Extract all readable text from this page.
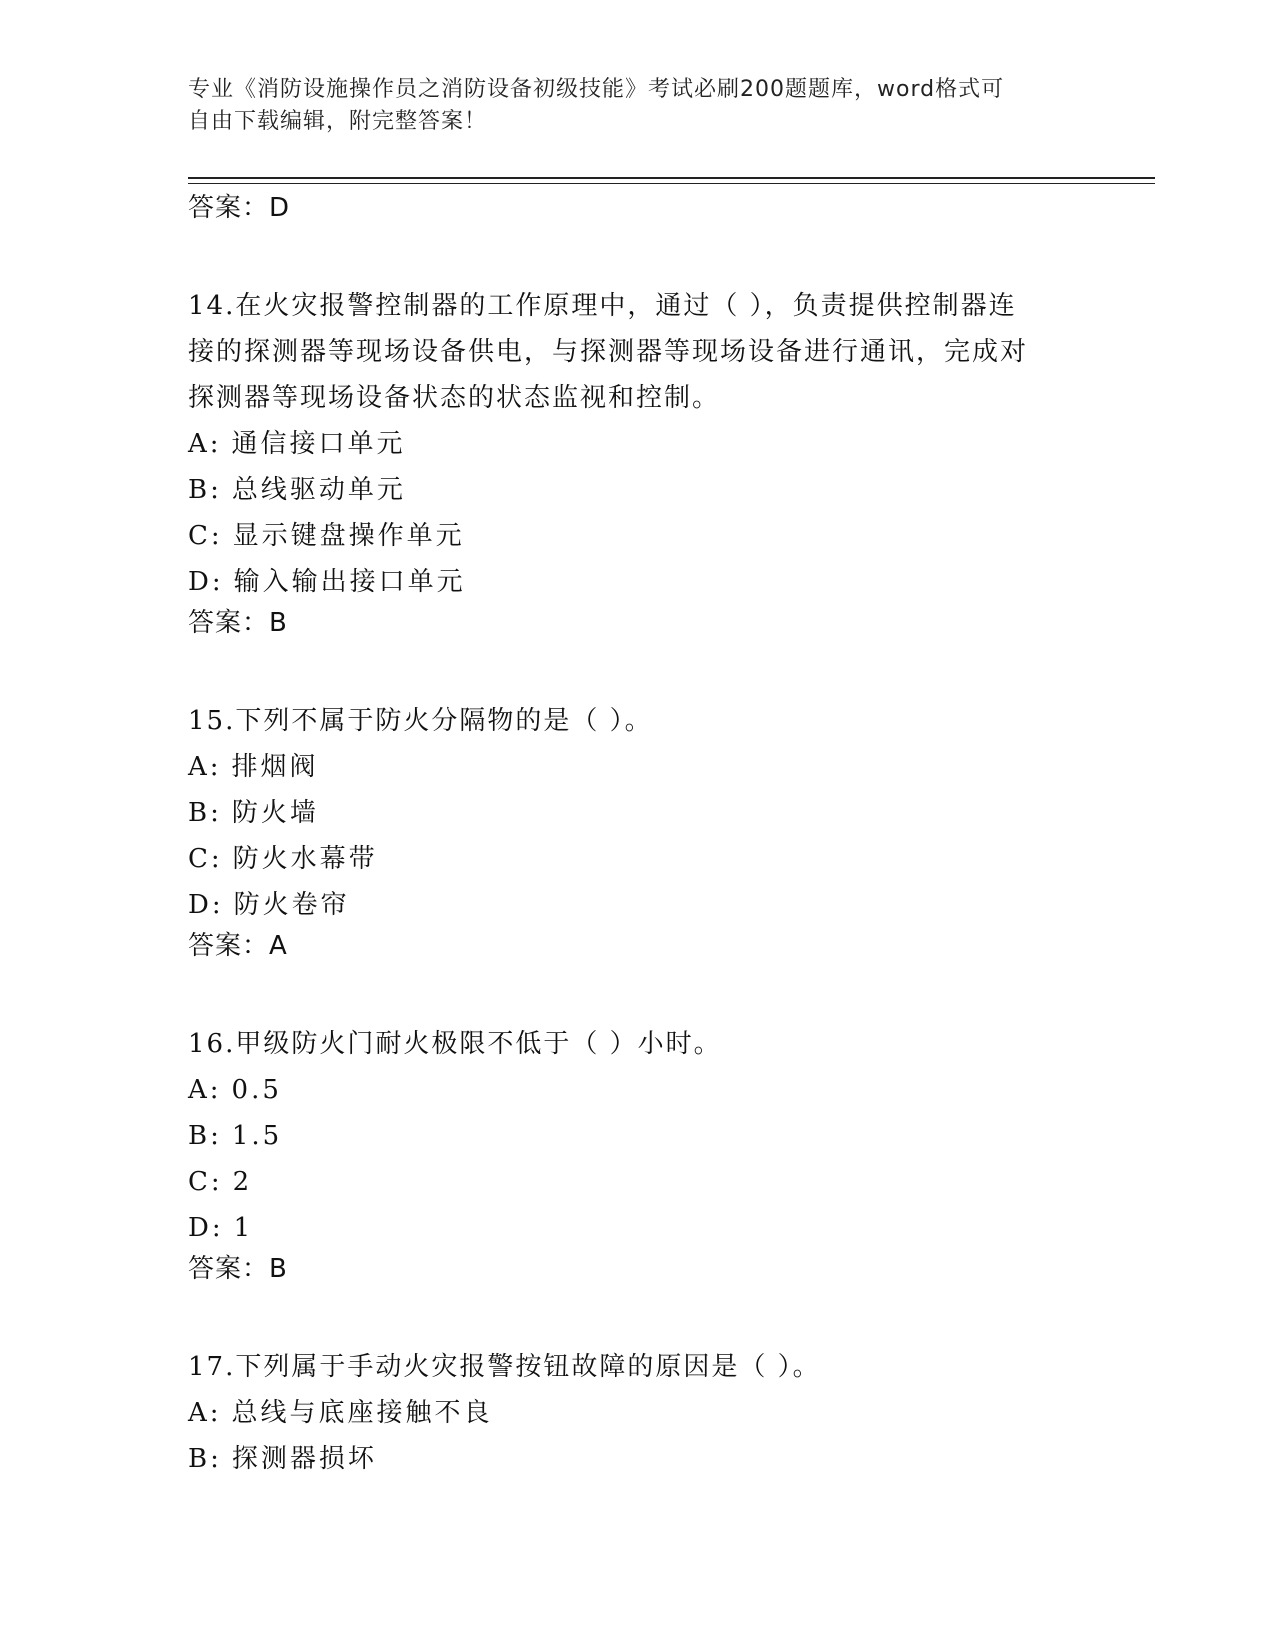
专业《消防设施操作员之消防设备初级技能》考试必刷200题题库，word格式可
自由下载编辑，附完整答案！

答案：D

14.在火灾报警控制器的工作原理中，通过（ ），负责提供控制器连

接的探测器等现场设备供电，与探测器等现场设备进行通讯，完成对

探测器等现场设备状态的状态监视和控制。

A: 通信接口单元

B: 总线驱动单元

C: 显示键盘操作单元

D: 输入输出接口单元

答案：B

15.下列不属于防火分隔物的是（ ）。

A: 排烟阀

B: 防火墙

C: 防火水幕带

D: 防火卷帘

答案：A

16.甲级防火门耐火极限不低于（ ）小时。

A: 0.5

B: 1.5

C: 2

D: 1

答案：B

17.下列属于手动火灾报警按钮故障的原因是（ ）。

A: 总线与底座接触不良

B: 探测器损坏
